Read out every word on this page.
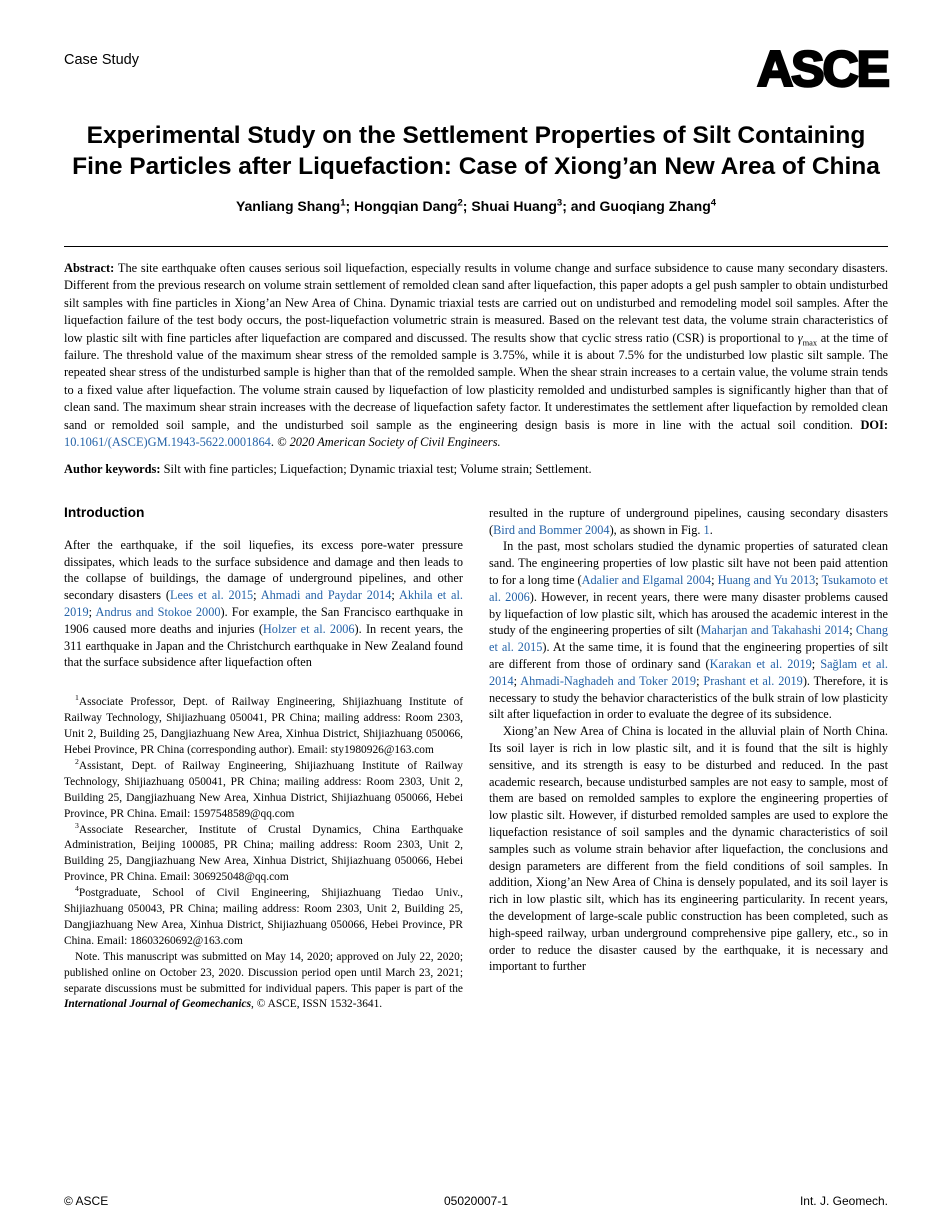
Case Study	ASCE
Experimental Study on the Settlement Properties of Silt Containing Fine Particles after Liquefaction: Case of Xiong’an New Area of China
Yanliang Shang$^1$; Hongqian Dang$^2$; Shuai Huang$^3$; and Guoqiang Zhang$^4$

Abstract: The site earthquake often causes serious soil liquefaction, especially results in volume change and surface subsidence to cause many secondary disasters. Different from the previous research on volume strain settlement of remolded clean sand after liquefaction, this paper adopts a gel push sampler to obtain undisturbed silt samples with fine particles in Xiong’an New Area of China. Dynamic triaxial tests are carried out on undisturbed and remodeling model soil samples. After the liquefaction failure of the test body occurs, the post-liquefaction volumetric strain is measured. Based on the relevant test data, the volume strain characteristics of low plastic silt with fine particles after liquefaction are compared and discussed. The results show that cyclic stress ratio (CSR) is proportional to $\gamma_{max}$ at the time of failure. The threshold value of the maximum shear stress of the remolded sample is 3.75%, while it is about 7.5% for the undisturbed low plastic silt sample. The repeated shear stress of the undisturbed sample is higher than that of the remolded sample. When the shear strain increases to a certain value, the volume strain tends to a fixed value after liquefaction. The volume strain caused by liquefaction of low plasticity remolded and undisturbed samples is significantly higher than that of clean sand. The maximum shear strain increases with the decrease of liquefaction safety factor. It underestimates the settlement after liquefaction by remolded clean sand or remolded soil sample, and the undisturbed soil sample as the engineering design basis is more in line with the actual soil condition. DOI: 10.1061/(ASCE)GM.1943-5622.0001864. © 2020 American Society of Civil Engineers.

Author keywords: Silt with fine particles; Liquefaction; Dynamic triaxial test; Volume strain; Settlement.

Introduction

After the earthquake, if the soil liquefies, its excess pore-water pressure dissipates, which leads to the surface subsidence and damage and then leads to the collapse of buildings, the damage of underground pipelines, and other secondary disasters (Lees et al. 2015; Ahmadi and Paydar 2014; Akhila et al. 2019; Andrus and Stokoe 2000). For example, the San Francisco earthquake in 1906 caused more deaths and injuries (Holzer et al. 2006). In recent years, the 311 earthquake in Japan and the Christchurch earthquake in New Zealand found that the surface subsidence after liquefaction often

$^1$Associate Professor, Dept. of Railway Engineering, Shijiazhuang Institute of Railway Technology, Shijiazhuang 050041, PR China; mailing address: Room 2303, Unit 2, Building 25, Dangjiazhuang New Area, Xinhua District, Shijiazhuang 050066, Hebei Province, PR China (corresponding author). Email: sty1980926@163.com

$^2$Assistant, Dept. of Railway Engineering, Shijiazhuang Institute of Railway Technology, Shijiazhuang 050041, PR China; mailing address: Room 2303, Unit 2, Building 25, Dangjiazhuang New Area, Xinhua District, Shijiazhuang 050066, Hebei Province, PR China. Email: 1597548589@qq.com

$^3$Associate Researcher, Institute of Crustal Dynamics, China Earthquake Administration, Beijing 100085, PR China; mailing address: Room 2303, Unit 2, Building 25, Dangjiazhuang New Area, Xinhua District, Shijiazhuang 050066, Hebei Province, PR China. Email: 306925048@qq.com

$^4$Postgraduate, School of Civil Engineering, Shijiazhuang Tiedao Univ., Shijiazhuang 050043, PR China; mailing address: Room 2303, Unit 2, Building 25, Dangjiazhuang New Area, Xinhua District, Shijiazhuang 050066, Hebei Province, PR China. Email: 18603260692@163.com

Note. This manuscript was submitted on May 14, 2020; approved on July 22, 2020; published online on October 23, 2020. Discussion period open until March 23, 2021; separate discussions must be submitted for individual papers. This paper is part of the International Journal of Geomechanics, © ASCE, ISSN 1532-3641.

resulted in the rupture of underground pipelines, causing secondary disasters (Bird and Bommer 2004), as shown in Fig. 1.

In the past, most scholars studied the dynamic properties of saturated clean sand. The engineering properties of low plastic silt have not been paid attention to for a long time (Adalier and Elgamal 2004; Huang and Yu 2013; Tsukamoto et al. 2006). However, in recent years, there were many disaster problems caused by liquefaction of low plastic silt, which has aroused the academic interest in the study of the engineering properties of silt (Maharjan and Takahashi 2014; Chang et al. 2015). At the same time, it is found that the engineering properties of silt are different from those of ordinary sand (Karakan et al. 2019; Sağlam et al. 2014; Ahmadi-Naghadeh and Toker 2019; Prashant et al. 2019). Therefore, it is necessary to study the behavior characteristics of the bulk strain of low plasticity silt after liquefaction in order to evaluate the degree of its subsidence.

Xiong’an New Area of China is located in the alluvial plain of North China. Its soil layer is rich in low plastic silt, and it is found that the silt is highly sensitive, and its strength is easy to be disturbed and reduced. In the past academic research, because undisturbed samples are not easy to sample, most of them are based on remolded samples to explore the engineering properties of low plastic silt. However, if disturbed remolded samples are used to explore the liquefaction resistance of soil samples and the dynamic characteristics of soil samples such as volume strain behavior after liquefaction, the conclusions and design parameters are different from the field conditions of soil samples. In addition, Xiong’an New Area of China is densely populated, and its soil layer is rich in low plastic silt, which has its engineering particularity. In recent years, the development of large-scale public construction has been completed, such as high-speed railway, urban underground comprehensive pipe gallery, etc., so in order to reduce the disaster caused by the earthquake, it is necessary and important to further

© ASCE	05020007-1	Int. J. Geomech.
